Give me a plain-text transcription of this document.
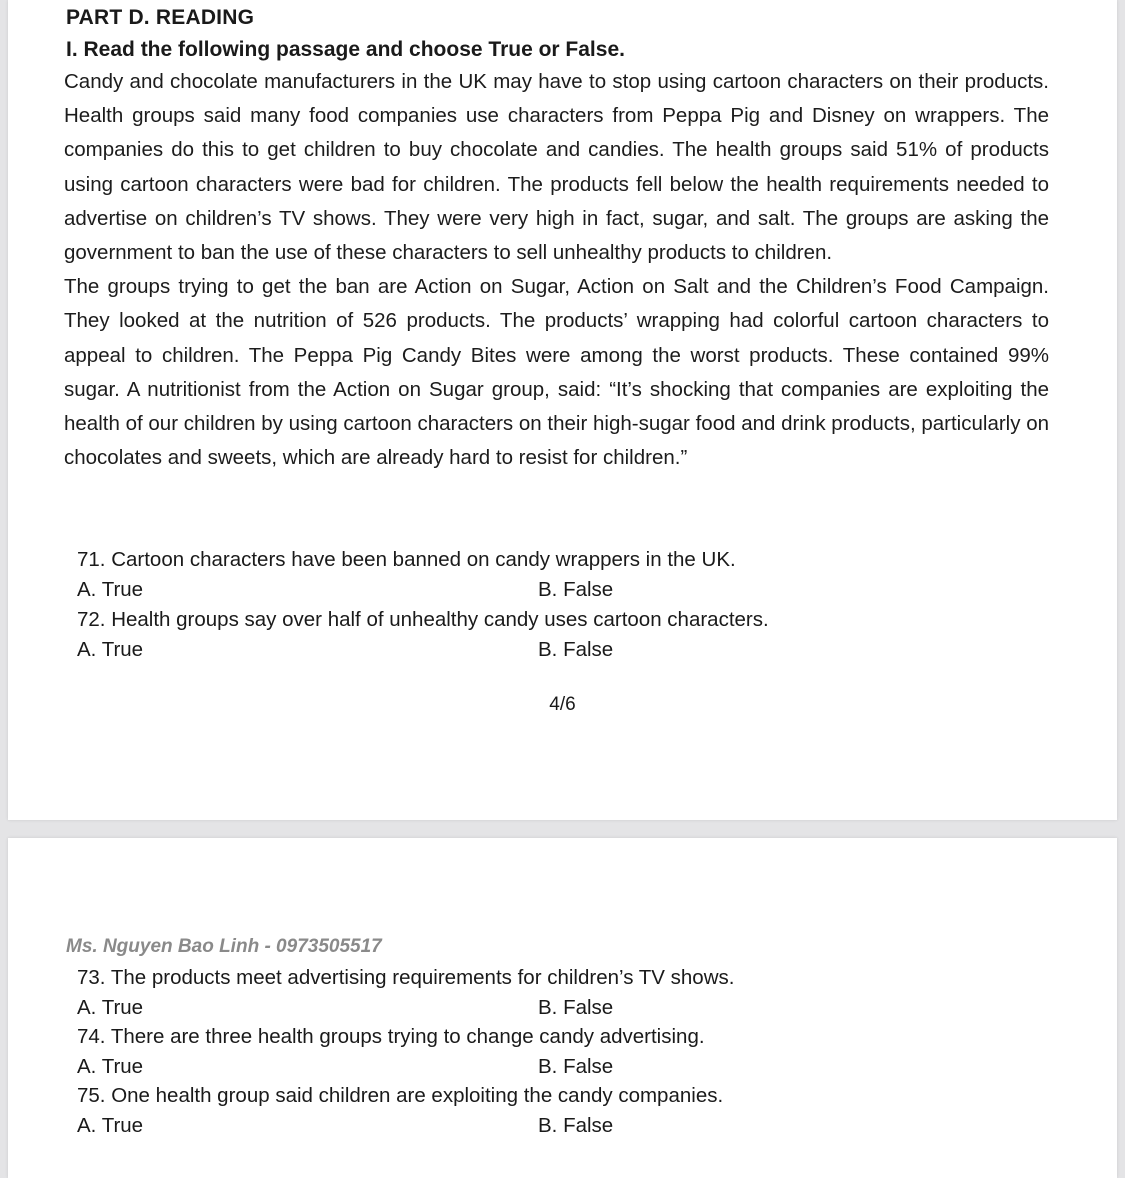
PART D. READING
I. Read the following passage and choose True or False.

Candy and chocolate manufacturers in the UK may have to stop using cartoon characters on their products. Health groups said many food companies use characters from Peppa Pig and Disney on wrappers. The companies do this to get children to buy chocolate and candies. The health groups said 51% of products using cartoon characters were bad for children. The products fell below the health requirements needed to advertise on children’s TV shows. They were very high in fact, sugar, and salt. The groups are asking the government to ban the use of these characters to sell unhealthy products to children.

The groups trying to get the ban are Action on Sugar, Action on Salt and the Children’s Food Campaign. They looked at the nutrition of 526 products. The products’ wrapping had colorful cartoon characters to appeal to children. The Peppa Pig Candy Bites were among the worst products. These contained 99% sugar. A nutritionist from the Action on Sugar group, said: “It’s shocking that companies are exploiting the health of our children by using cartoon characters on their high-sugar food and drink products, particularly on chocolates and sweets, which are already hard to resist for children.”

71. Cartoon characters have been banned on candy wrappers in the UK.
A. True	B. False
72. Health groups say over half of unhealthy candy uses cartoon characters.
A. True	B. False
4/6
Ms. Nguyen Bao Linh - 0973505517
73. The products meet advertising requirements for children’s TV shows.
A. True	B. False
74. There are three health groups trying to change candy advertising.
A. True	B. False
75. One health group said children are exploiting the candy companies.
A. True	B. False
